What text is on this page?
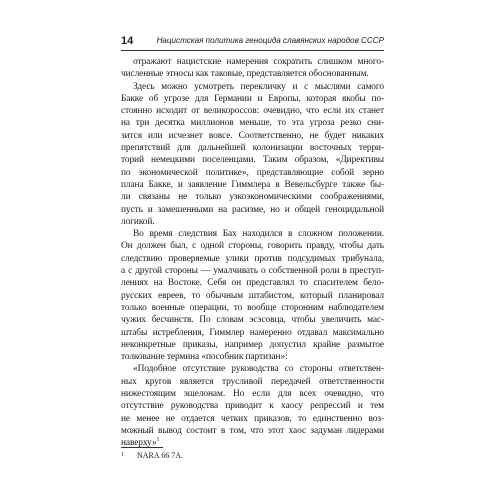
14	Нацистская политика геноцида славянских народов СССР

отражают нацистские намерения сократить слишком много-
численные этносы как таковые, представляется обоснованным.

Здесь можно усмотреть перекличку и с мыслями самого
Бакке об угрозе для Германии и Европы, которая якобы по-
стоянно исходит от великороссов: очевидно, что если их станет
на три десятка миллионов меньше, то эта угроза резко сни-
зится или исчезнет вовсе. Соответственно, не будет никаких
препятствий для дальнейшей колонизации восточных терри-
торий немецкими поселенцами. Таким образом, «Директивы
по экономической политике», представляющие собой зерно
плана Бакке, и заявление Гиммлера в Вевельсбурге также бы-
ли связаны не только узкоэкономическими соображениями,
пусть и замешенными на расизме, но и общей геноцидальной
логикой.

Во время следствия Бах находился в сложном положении.
Он должен был, с одной стороны, говорить правду, чтобы дать
следствию проверяемые улики против подсудимых трибунала,
а с другой стороны — умалчивать о собственной роли в преступ-
лениях на Востоке. Себя он представлял то спасителем бело-
русских евреев, то обычным штабистом, который планировал
только военные операции, то вообще сторонним наблюдателем
чужих бесчинств. По словам эсэсовца, чтобы увеличить мас-
штабы истребления, Гиммлер намеренно отдавал максимально
неконкретные приказы, например допустил крайне размытое
толкование термина «пособник партизан»:

«Подобное отсутствие руководства со стороны ответствен-
ных кругов является трусливой передачей ответственности
нижестоящим эшелонам. Но если для всех очевидно, что
отсутствие руководства приводит к хаосу репрессий и тем
не менее не отдается четких приказов, то единственно воз-
можный вывод состоит в том, что этот хаос задуман лидерами
наверху»$^1$

1 NARA 66 7A.
